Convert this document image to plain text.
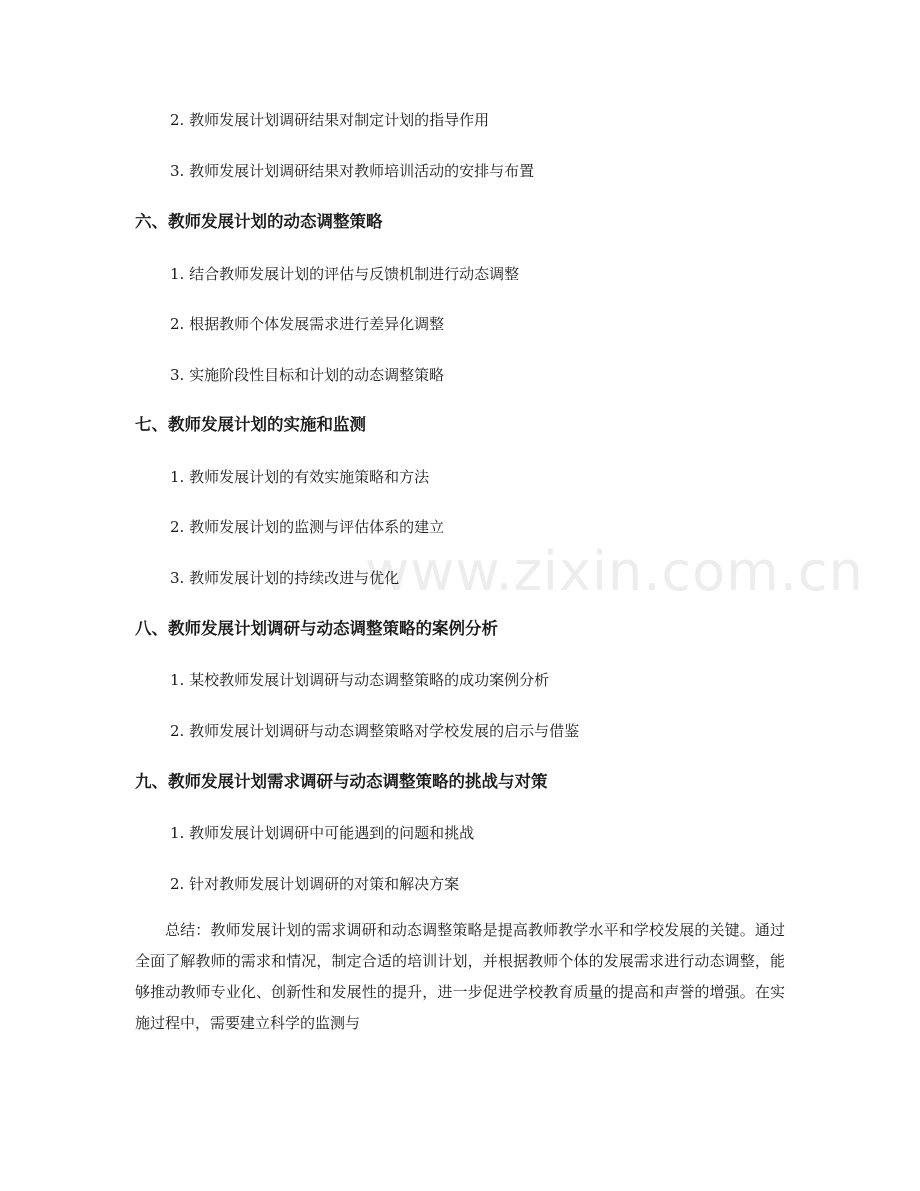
www.zixin.com.cn
2. 教师发展计划调研结果对制定计划的指导作用
3. 教师发展计划调研结果对教师培训活动的安排与布置
六、教师发展计划的动态调整策略
1. 结合教师发展计划的评估与反馈机制进行动态调整
2. 根据教师个体发展需求进行差异化调整
3. 实施阶段性目标和计划的动态调整策略
七、教师发展计划的实施和监测
1. 教师发展计划的有效实施策略和方法
2. 教师发展计划的监测与评估体系的建立
3. 教师发展计划的持续改进与优化
八、教师发展计划调研与动态调整策略的案例分析
1. 某校教师发展计划调研与动态调整策略的成功案例分析
2. 教师发展计划调研与动态调整策略对学校发展的启示与借鉴
九、教师发展计划需求调研与动态调整策略的挑战与对策
1. 教师发展计划调研中可能遇到的问题和挑战
2. 针对教师发展计划调研的对策和解决方案
总结：教师发展计划的需求调研和动态调整策略是提高教师教学水平和学校发展的关键。通过全面了解教师的需求和情况，制定合适的培训计划，并根据教师个体的发展需求进行动态调整，能够推动教师专业化、创新性和发展性的提升，进一步促进学校教育质量的提高和声誉的增强。在实施过程中，需要建立科学的监测与
